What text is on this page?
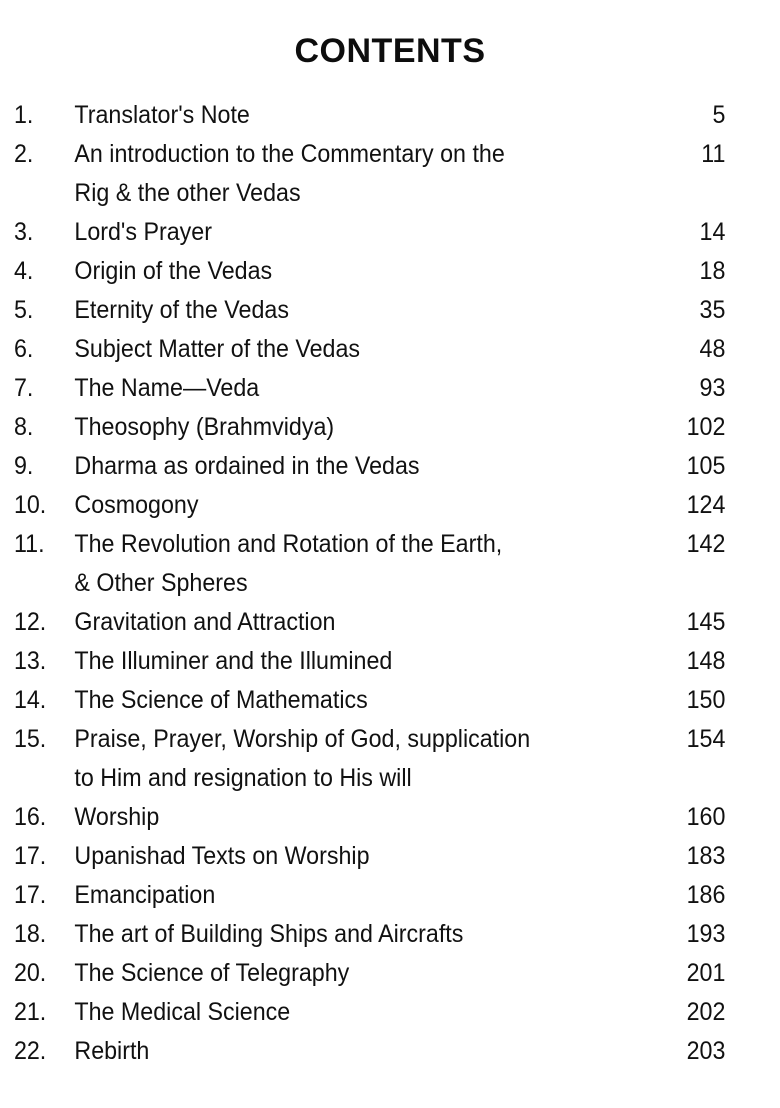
CONTENTS
1. Translator's Note	5
2. An introduction to the Commentary on the	11
Rig & the other Vedas
3. Lord's Prayer	14
4. Origin of the Vedas	18
5. Eternity of the Vedas	35
6. Subject Matter of the Vedas	48
7. The Name—Veda	93
8. Theosophy (Brahmvidya)	102
9. Dharma as ordained in the Vedas	105
10. Cosmogony	124
11. The Revolution and Rotation of the Earth,	142
& Other Spheres
12. Gravitation and Attraction	145
13. The Illuminer and the Illumined	148
14. The Science of Mathematics	150
15. Praise, Prayer, Worship of God, supplication	154
to Him and resignation to His will
16. Worship	160
17. Upanishad Texts on Worship	183
17. Emancipation	186
18. The art of Building Ships and Aircrafts	193
20. The Science of Telegraphy	201
21. The Medical Science	202
22. Rebirth	203
